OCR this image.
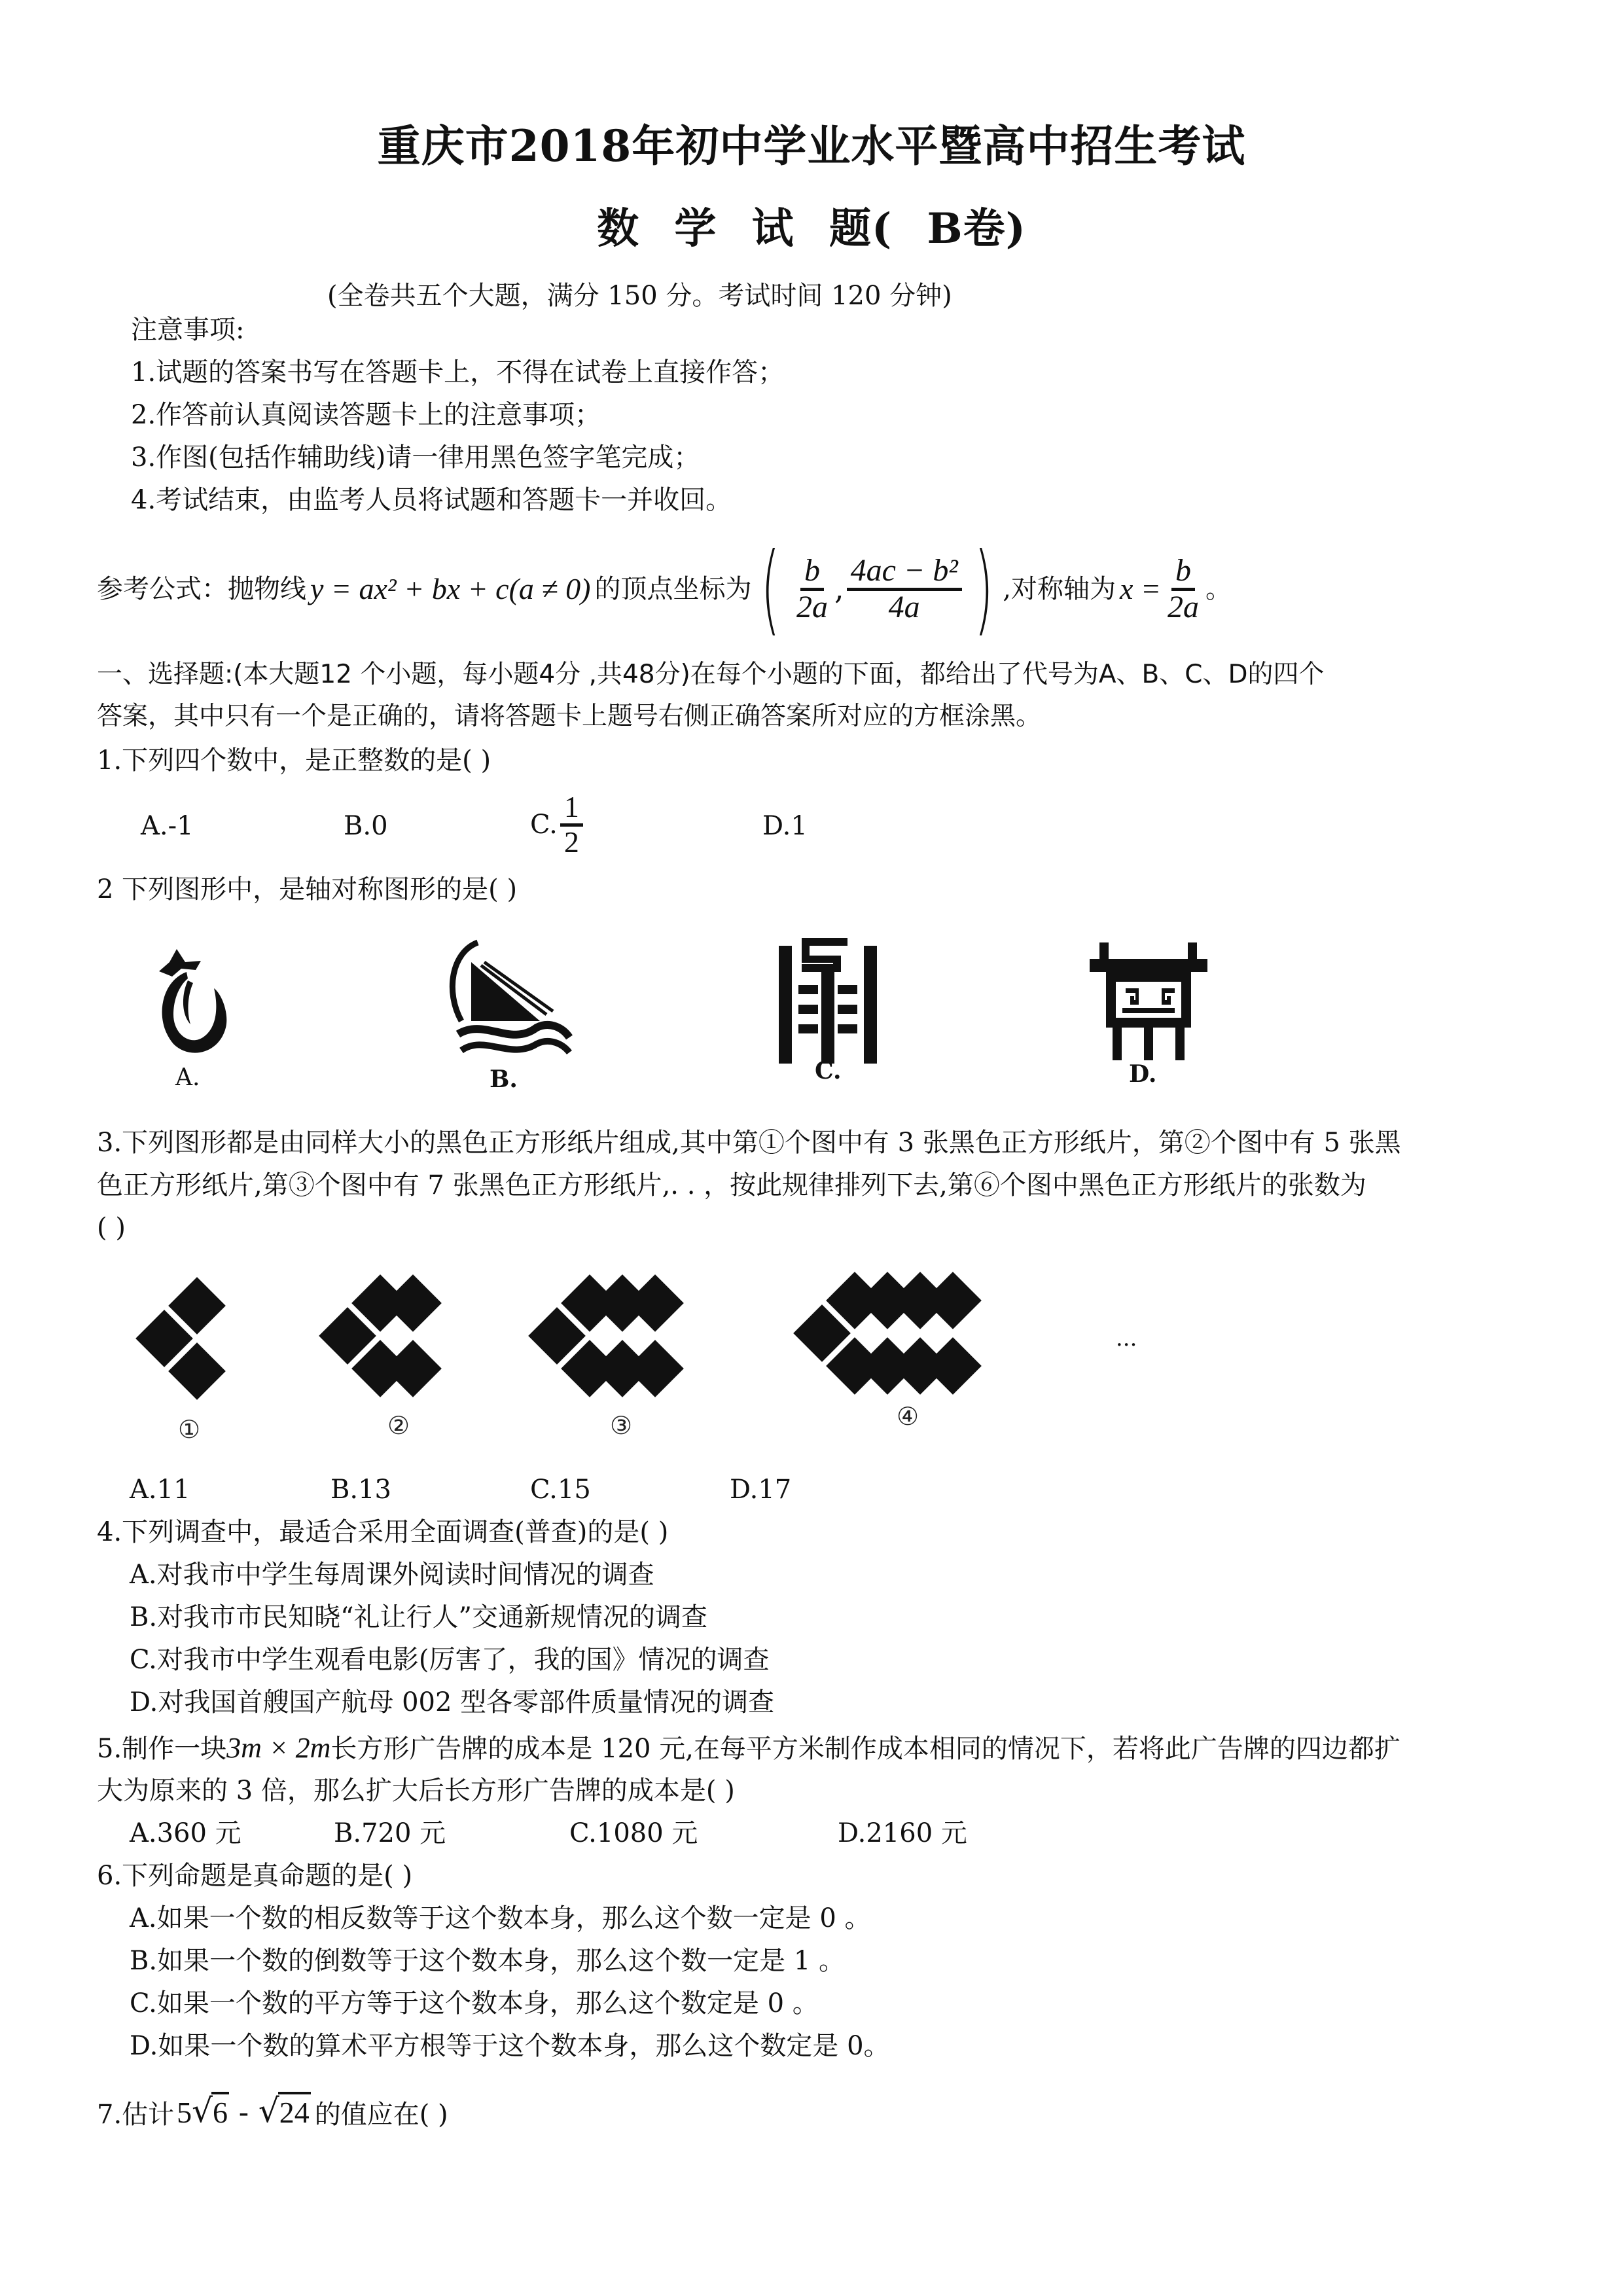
重庆市2018年初中学业水平暨高中招生考试
数 学 试 题( B卷)
(全卷共五个大题，满分 150 分。考试时间 120 分钟)
注意事项:
1.试题的答案书写在答题卡上，不得在试卷上直接作答；
2.作答前认真阅读答题卡上的注意事项；
3.作图(包括作辅助线)请一律用黑色签字笔完成；
4.考试结束，由监考人员将试题和答题卡一并收回。
参考公式：抛物线 y = ax² + bx + c(a ≠ 0) 的顶点坐标为 ( $\frac{b}{2a}$ , $\frac{\text{4ac − b²}}{4a}$ ) ,对称轴为 $x = \frac{b}{2a}$ 。
一、选择题:(本大题12 个小题，每小题4分 ,共48分)在每个小题的下面，都给出了代号为A、B、C、D的四个
答案，其中只有一个是正确的，请将答题卡上题号右侧正确答案所对应的方框涂黑。
1.下列四个数中，是正整数的是( )
A.-1	B.0	C. $\frac{1}{2}$	D.1
2 下列图形中，是轴对称图形的是( )
A.	B.	C.	D.
3.下列图形都是由同样大小的黑色正方形纸片组成,其中第①个图中有 3 张黑色正方形纸片，第②个图中有 5 张黑
色正方形纸片,第③个图中有 7 张黑色正方形纸片,. . ，按此规律排列下去,第⑥个图中黑色正方形纸片的张数为
( )
①	②	③	④
···
A.11	B.13	C.15	D.17
4.下列调查中，最适合采用全面调查(普查)的是( )
A.对我市中学生每周课外阅读时间情况的调查
B.对我市市民知晓“礼让行人”交通新规情况的调查
C.对我市中学生观看电影(厉害了，我的国》情况的调查
D.对我国首艘国产航母 002 型各零部件质量情况的调查
5.制作一块3m × 2m长方形广告牌的成本是 120 元,在每平方米制作成本相同的情况下，若将此广告牌的四边都扩
大为原来的 3 倍，那么扩大后长方形广告牌的成本是( )
A.360 元	B.720 元	C.1080 元	D.2160 元
6.下列命题是真命题的是( )
A.如果一个数的相反数等于这个数本身，那么这个数一定是 0 。
B.如果一个数的倒数等于这个数本身，那么这个数一定是 1 。
C.如果一个数的平方等于这个数本身，那么这个数定是 0 。
D.如果一个数的算术平方根等于这个数本身，那么这个数定是 0。
7.估计 5 √ 6 - √ 24 的值应在( )
